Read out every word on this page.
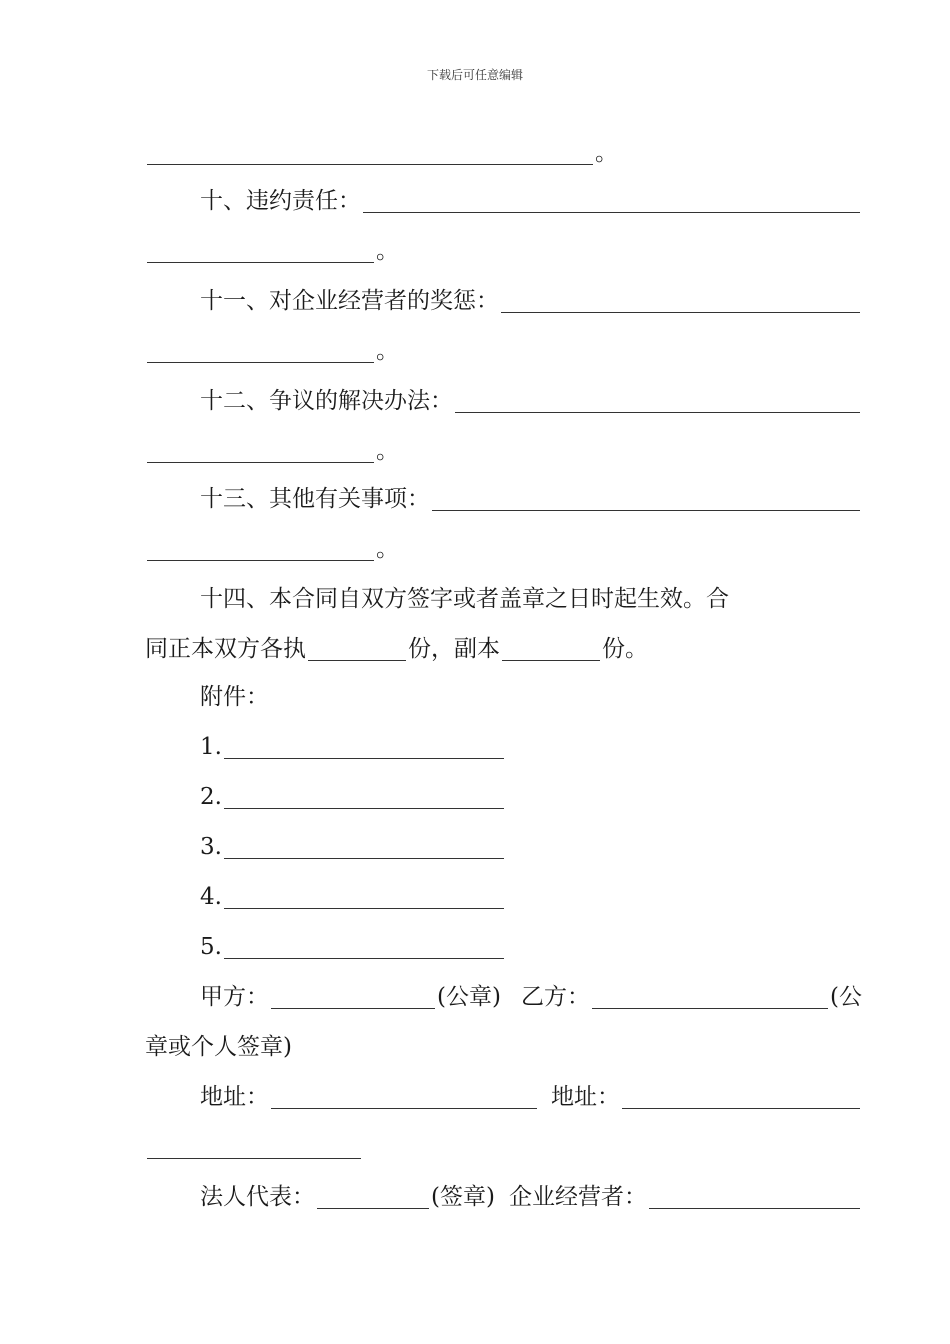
下载后可任意编辑
。
十、违约责任：
。
十一、对企业经营者的奖惩：
。
十二、争议的解决办法：
。
十三、其他有关事项：
。
十四、本合同自双方签字或者盖章之日时起生效。合
同正本双方各执	份，副本	份。
附件：
1.
2.
3.
4.
5.
甲方：	(公章) 乙方：	(公
章或个人签章)
地址：	地址：
法人代表：	(签章) 企业经营者：
